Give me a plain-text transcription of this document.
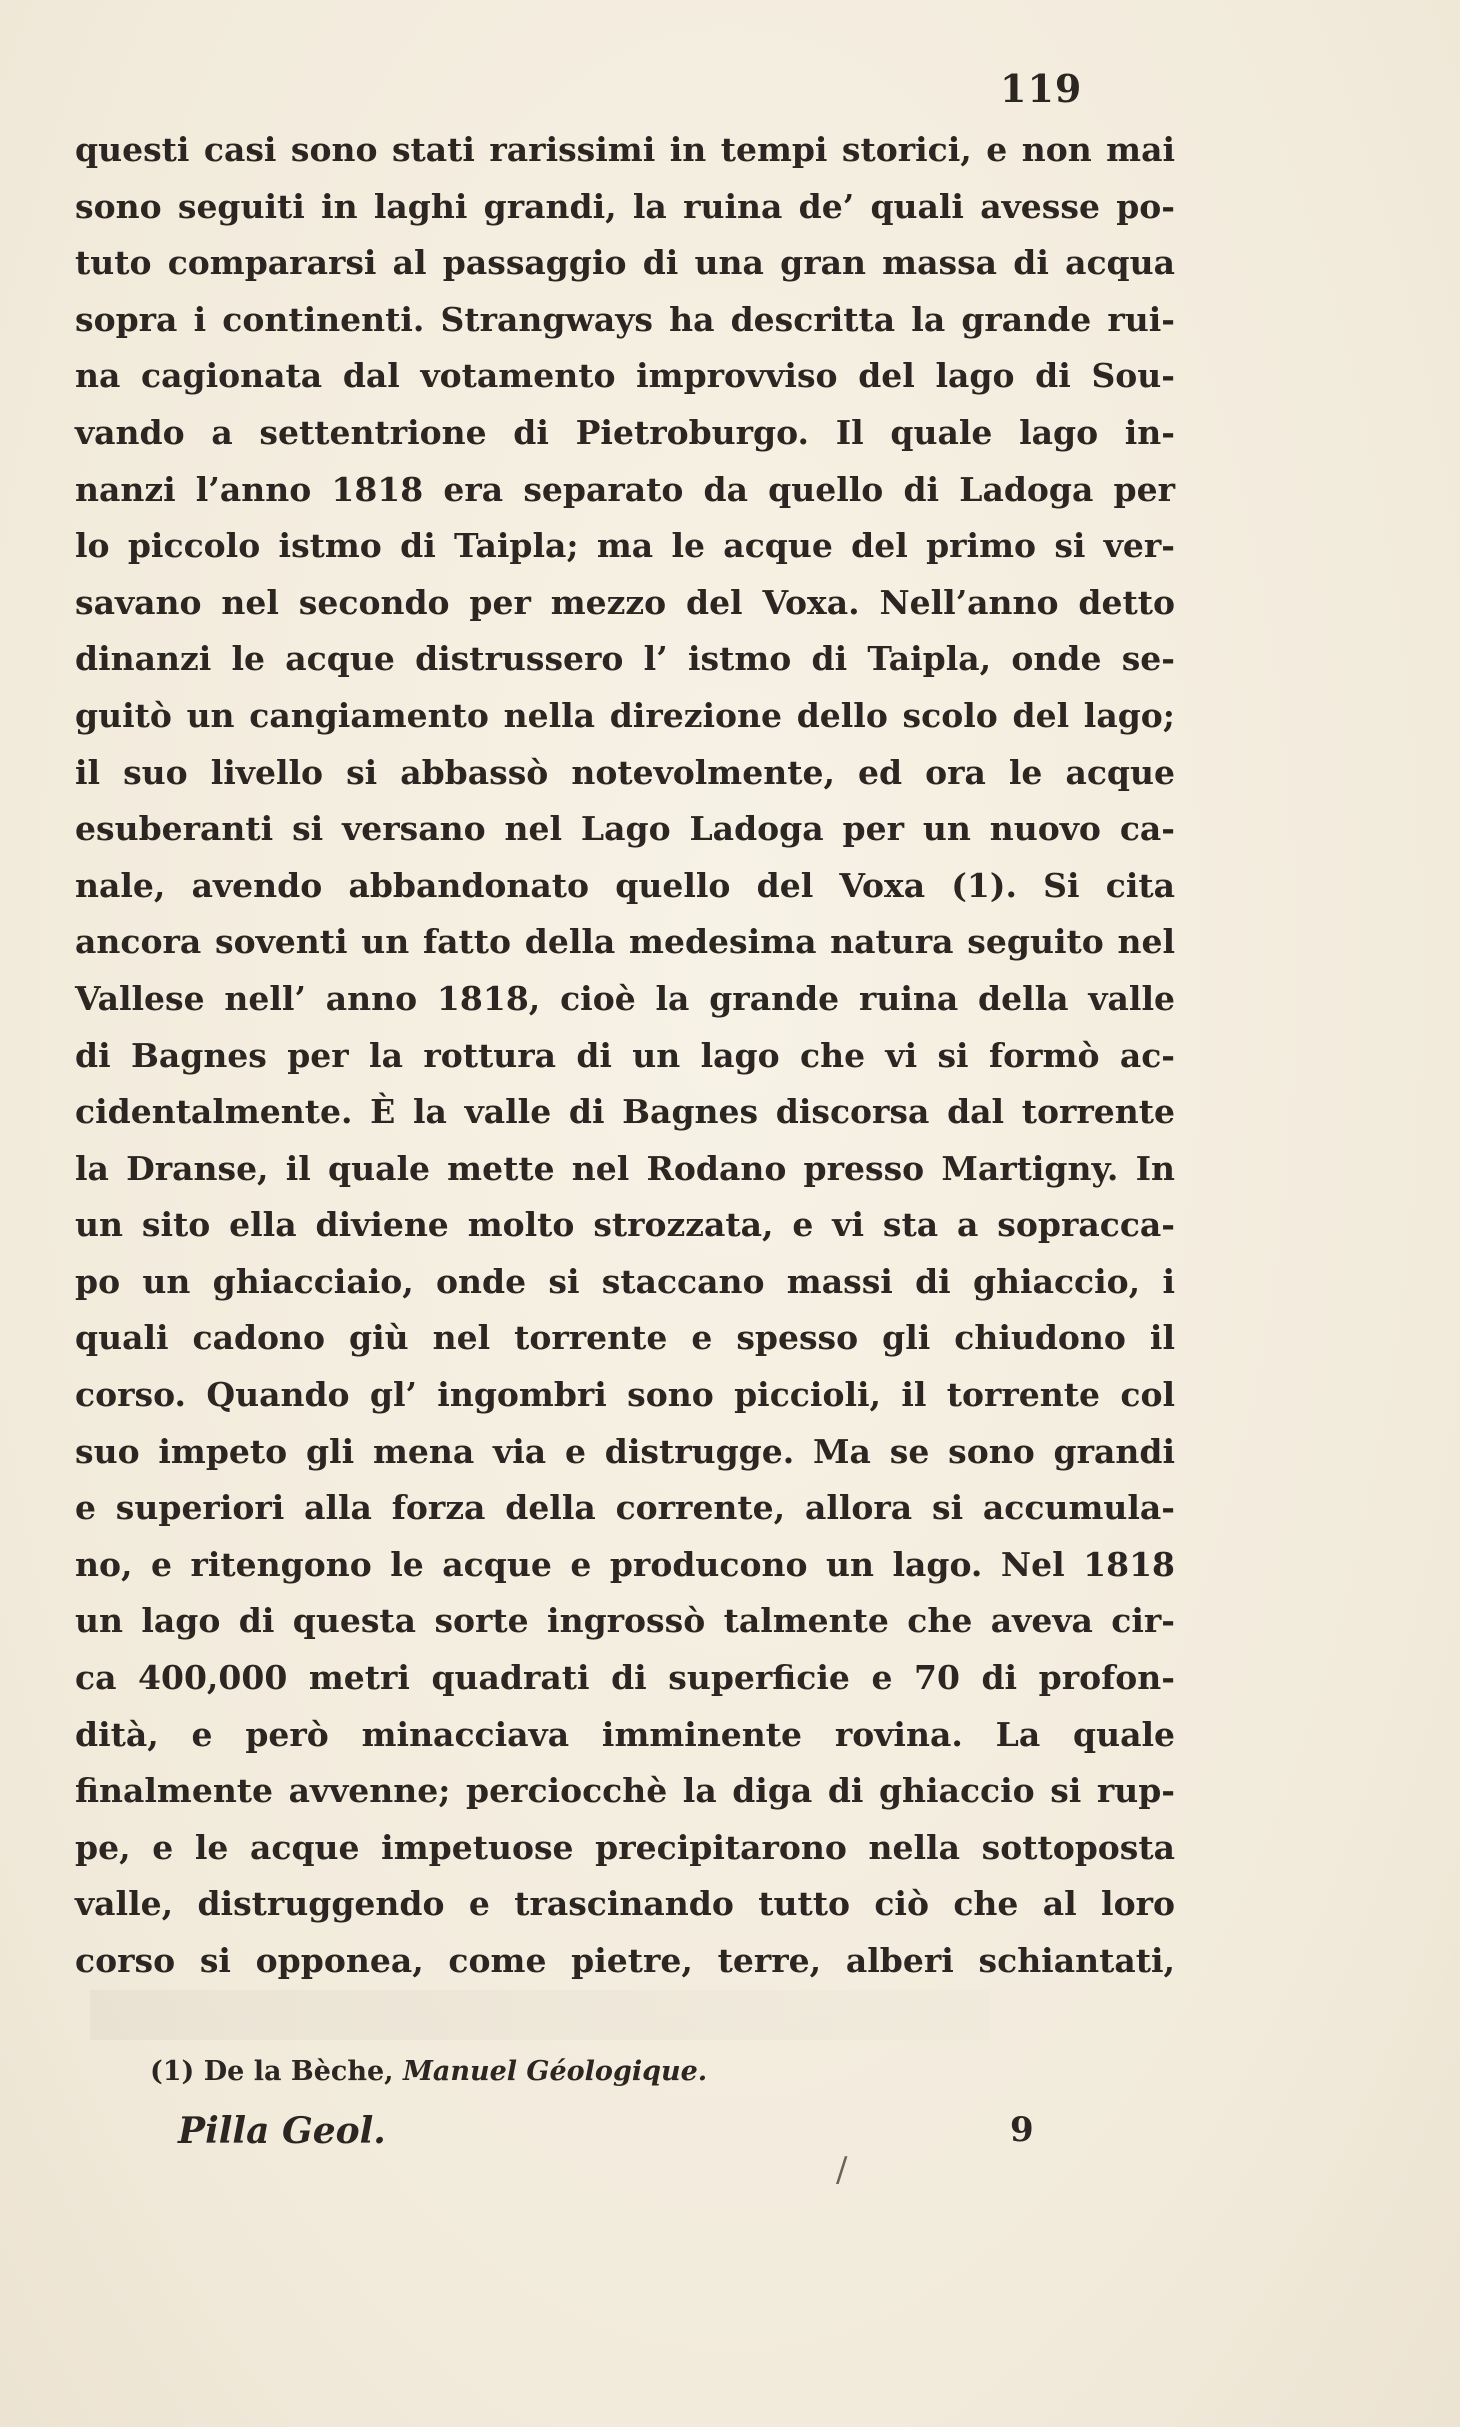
119
questi casi sono stati rarissimi in tempi storici, e non mai
sono seguiti in laghi grandi, la ruina de’ quali avesse po-
tuto compararsi al passaggio di una gran massa di acqua
sopra i continenti. Strangways ha descritta la grande rui-
na cagionata dal votamento improvviso del lago di Sou-
vando a settentrione di Pietroburgo. Il quale lago in-
nanzi l’anno 1818 era separato da quello di Ladoga per
lo piccolo istmo di Taipla; ma le acque del primo si ver-
savano nel secondo per mezzo del Voxa. Nell’anno detto
dinanzi le acque distrussero l’ istmo di Taipla, onde se-
guitò un cangiamento nella direzione dello scolo del lago;
il suo livello si abbassò notevolmente, ed ora le acque
esuberanti si versano nel Lago Ladoga per un nuovo ca-
nale, avendo abbandonato quello del Voxa (1). Si cita
ancora soventi un fatto della medesima natura seguito nel
Vallese nell’ anno 1818, cioè la grande ruina della valle
di Bagnes per la rottura di un lago che vi si formò ac-
cidentalmente. È la valle di Bagnes discorsa dal torrente
la Dranse, il quale mette nel Rodano presso Martigny. In
un sito ella diviene molto strozzata, e vi sta a sopracca-
po un ghiacciaio, onde si staccano massi di ghiaccio, i
quali cadono giù nel torrente e spesso gli chiudono il
corso. Quando gl’ ingombri sono piccioli, il torrente col
suo impeto gli mena via e distrugge. Ma se sono grandi
e superiori alla forza della corrente, allora si accumula-
no, e ritengono le acque e producono un lago. Nel 1818
un lago di questa sorte ingrossò talmente che aveva cir-
ca 400,000 metri quadrati di superficie e 70 di profon-
dità, e però minacciava imminente rovina. La quale
finalmente avvenne; perciocchè la diga di ghiaccio si rup-
pe, e le acque impetuose precipitarono nella sottoposta
valle, distruggendo e trascinando tutto ciò che al loro
corso si opponea, come pietre, terre, alberi schiantati,
(1) De la Bèche, Manuel Géologique.
Pilla Geol.	9
/
